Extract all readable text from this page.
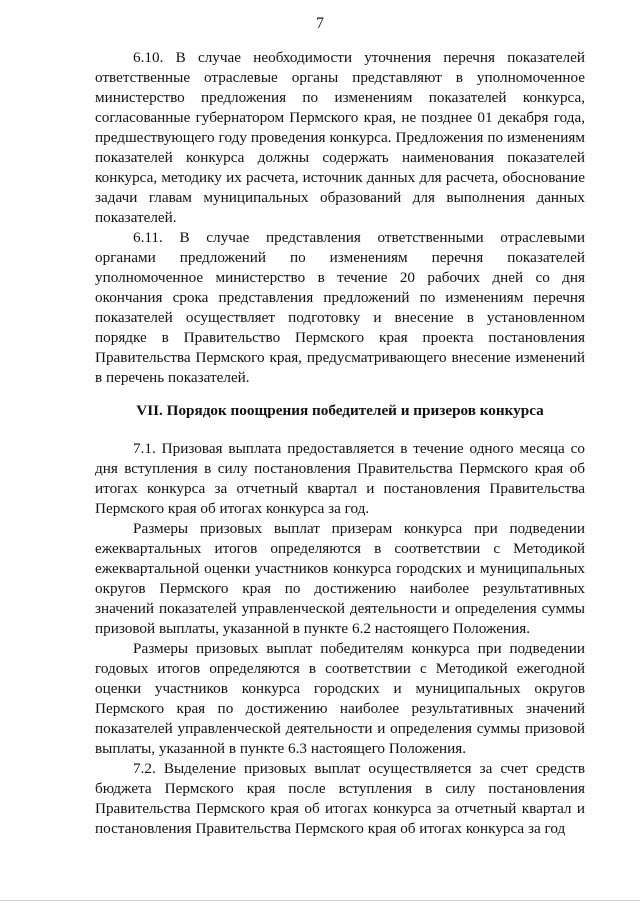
7

6.10. В случае необходимости уточнения перечня показателей ответственные отраслевые органы представляют в уполномоченное министерство предложения по изменениям показателей конкурса, согласованные губернатором Пермского края, не позднее 01 декабря года, предшествующего году проведения конкурса. Предложения по изменениям показателей конкурса должны содержать наименования показателей конкурса, методику их расчета, источник данных для расчета, обоснование задачи главам муниципальных образований для выполнения данных показателей.

6.11. В случае представления ответственными отраслевыми органами предложений по изменениям перечня показателей уполномоченное министерство в течение 20 рабочих дней со дня окончания срока представления предложений по изменениям перечня показателей осуществляет подготовку и внесение в установленном порядке в Правительство Пермского края проекта постановления Правительства Пермского края, предусматривающего внесение изменений в перечень показателей.

VII. Порядок поощрения победителей и призеров конкурса

7.1. Призовая выплата предоставляется в течение одного месяца со дня вступления в силу постановления Правительства Пермского края об итогах конкурса за отчетный квартал и постановления Правительства Пермского края об итогах конкурса за год.

Размеры призовых выплат призерам конкурса при подведении ежеквартальных итогов определяются в соответствии с Методикой ежеквартальной оценки участников конкурса городских и муниципальных округов Пермского края по достижению наиболее результативных значений показателей управленческой деятельности и определения суммы призовой выплаты, указанной в пункте 6.2 настоящего Положения.

Размеры призовых выплат победителям конкурса при подведении годовых итогов определяются в соответствии с Методикой ежегодной оценки участников конкурса городских и муниципальных округов Пермского края по достижению наиболее результативных значений показателей управленческой деятельности и определения суммы призовой выплаты, указанной в пункте 6.3 настоящего Положения.

7.2. Выделение призовых выплат осуществляется за счет средств бюджета Пермского края после вступления в силу постановления Правительства Пермского края об итогах конкурса за отчетный квартал и постановления Правительства Пермского края об итогах конкурса за год
